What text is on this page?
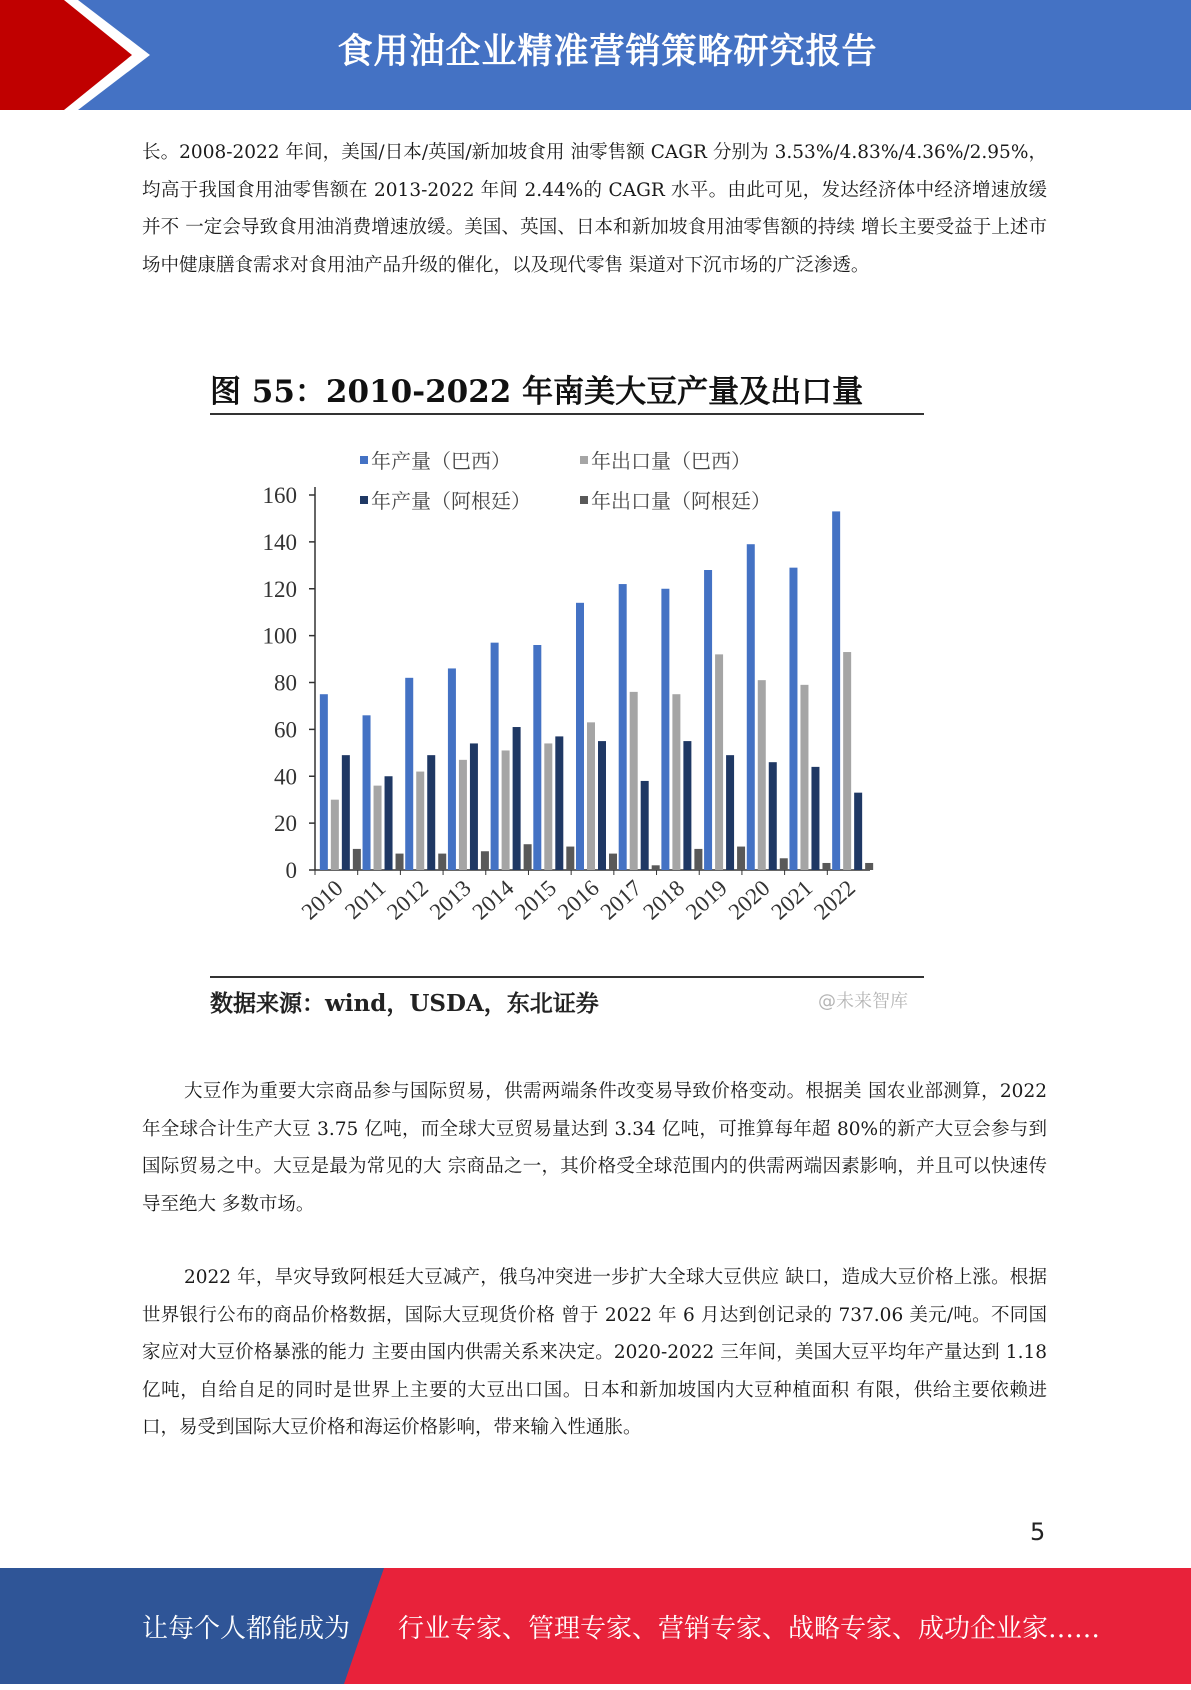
食用油企业精准营销策略研究报告

长。2008-2022 年间，美国/日本/英国/新加坡食用 油零售额 CAGR 分别为 3.53%/4.83%/4.36%/2.95%，均高于我国食用油零售额在 2013-2022 年间 2.44%的 CAGR 水平。由此可见，发达经济体中经济增速放缓并不 一定会导致食用油消费增速放缓。美国、英国、日本和新加坡食用油零售额的持续 增长主要受益于上述市场中健康膳食需求对食用油产品升级的催化，以及现代零售 渠道对下沉市场的广泛渗透。

图 55：2010-2022 年南美大豆产量及出口量
年产量（巴西）	年出口量（巴西）
年产量（阿根廷）	年出口量（阿根廷）
0
20
40
60
80
100
120
140
160
2010
2011
2012
2013
2014
2015
2016
2017
2018
2019
2020
2021
2022
数据来源：wind，USDA，东北证券	@未来智库

大豆作为重要大宗商品参与国际贸易，供需两端条件改变易导致价格变动。根据美 国农业部测算，2022 年全球合计生产大豆 3.75 亿吨，而全球大豆贸易量达到 3.34 亿吨，可推算每年超 80%的新产大豆会参与到国际贸易之中。大豆是最为常见的大 宗商品之一，其价格受全球范围内的供需两端因素影响，并且可以快速传导至绝大 多数市场。

2022 年，旱灾导致阿根廷大豆减产，俄乌冲突进一步扩大全球大豆供应 缺口，造成大豆价格上涨。根据世界银行公布的商品价格数据，国际大豆现货价格 曾于 2022 年 6 月达到创记录的 737.06 美元/吨。不同国家应对大豆价格暴涨的能力 主要由国内供需关系来决定。2020-2022 三年间，美国大豆平均年产量达到 1.18 亿吨，自给自足的同时是世界上主要的大豆出口国。日本和新加坡国内大豆种植面积 有限，供给主要依赖进口，易受到国际大豆价格和海运价格影响，带来输入性通胀。

5
让每个人都能成为 行业专家、管理专家、营销专家、战略专家、成功企业家……
